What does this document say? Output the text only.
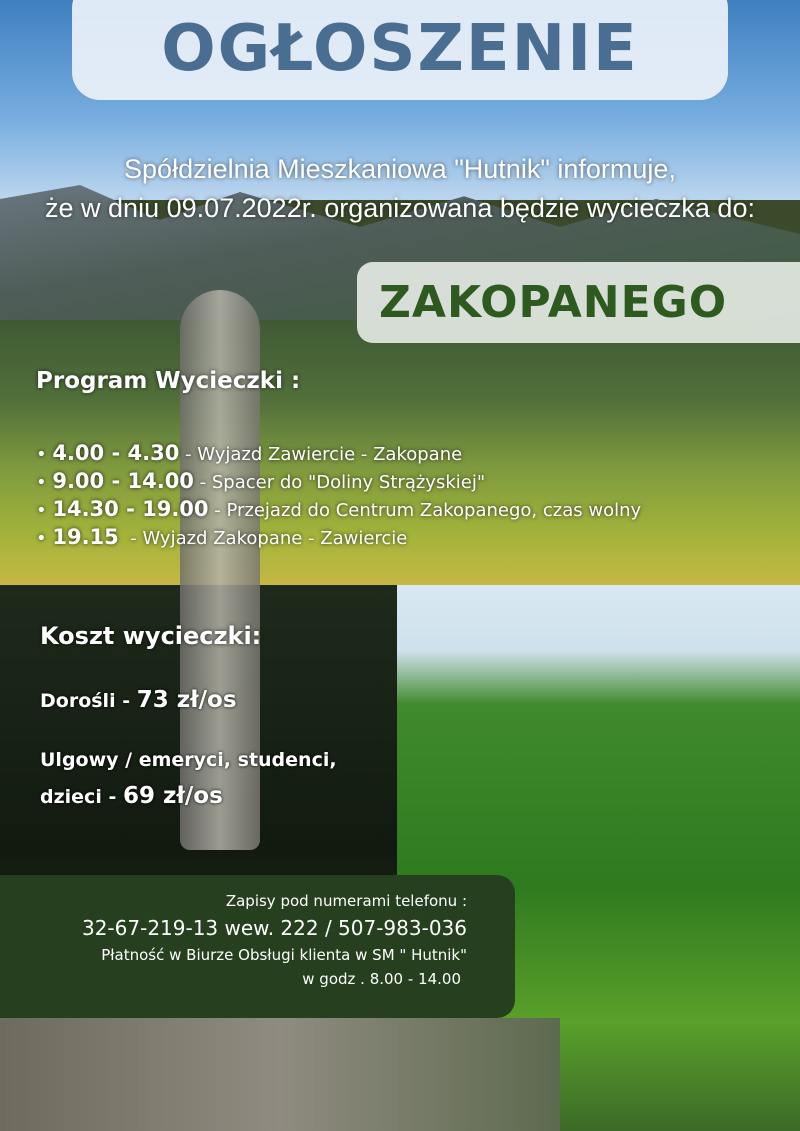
OGŁOSZENIE
Spółdzielnia Mieszkaniowa "Hutnik" informuje,
że w dniu 09.07.2022r. organizowana będzie wycieczka do:
ZAKOPANEGO
Program Wycieczki :
• 4.00 - 4.30 - Wyjazd Zawiercie - Zakopane
• 9.00 - 14.00 - Spacer do "Doliny Strążyskiej"
• 14.30 - 19.00 - Przejazd do Centrum Zakopanego, czas wolny
• 19.15  - Wyjazd Zakopane - Zawiercie
Koszt wycieczki:
Dorośli - 73 zł/os
Ulgowy / emeryci, studenci,
dzieci - 69 zł/os
Zapisy pod numerami telefonu :
32-67-219-13 wew. 222 / 507-983-036
Płatność w Biurze Obsługi klienta w SM " Hutnik"
w godz . 8.00 - 14.00
